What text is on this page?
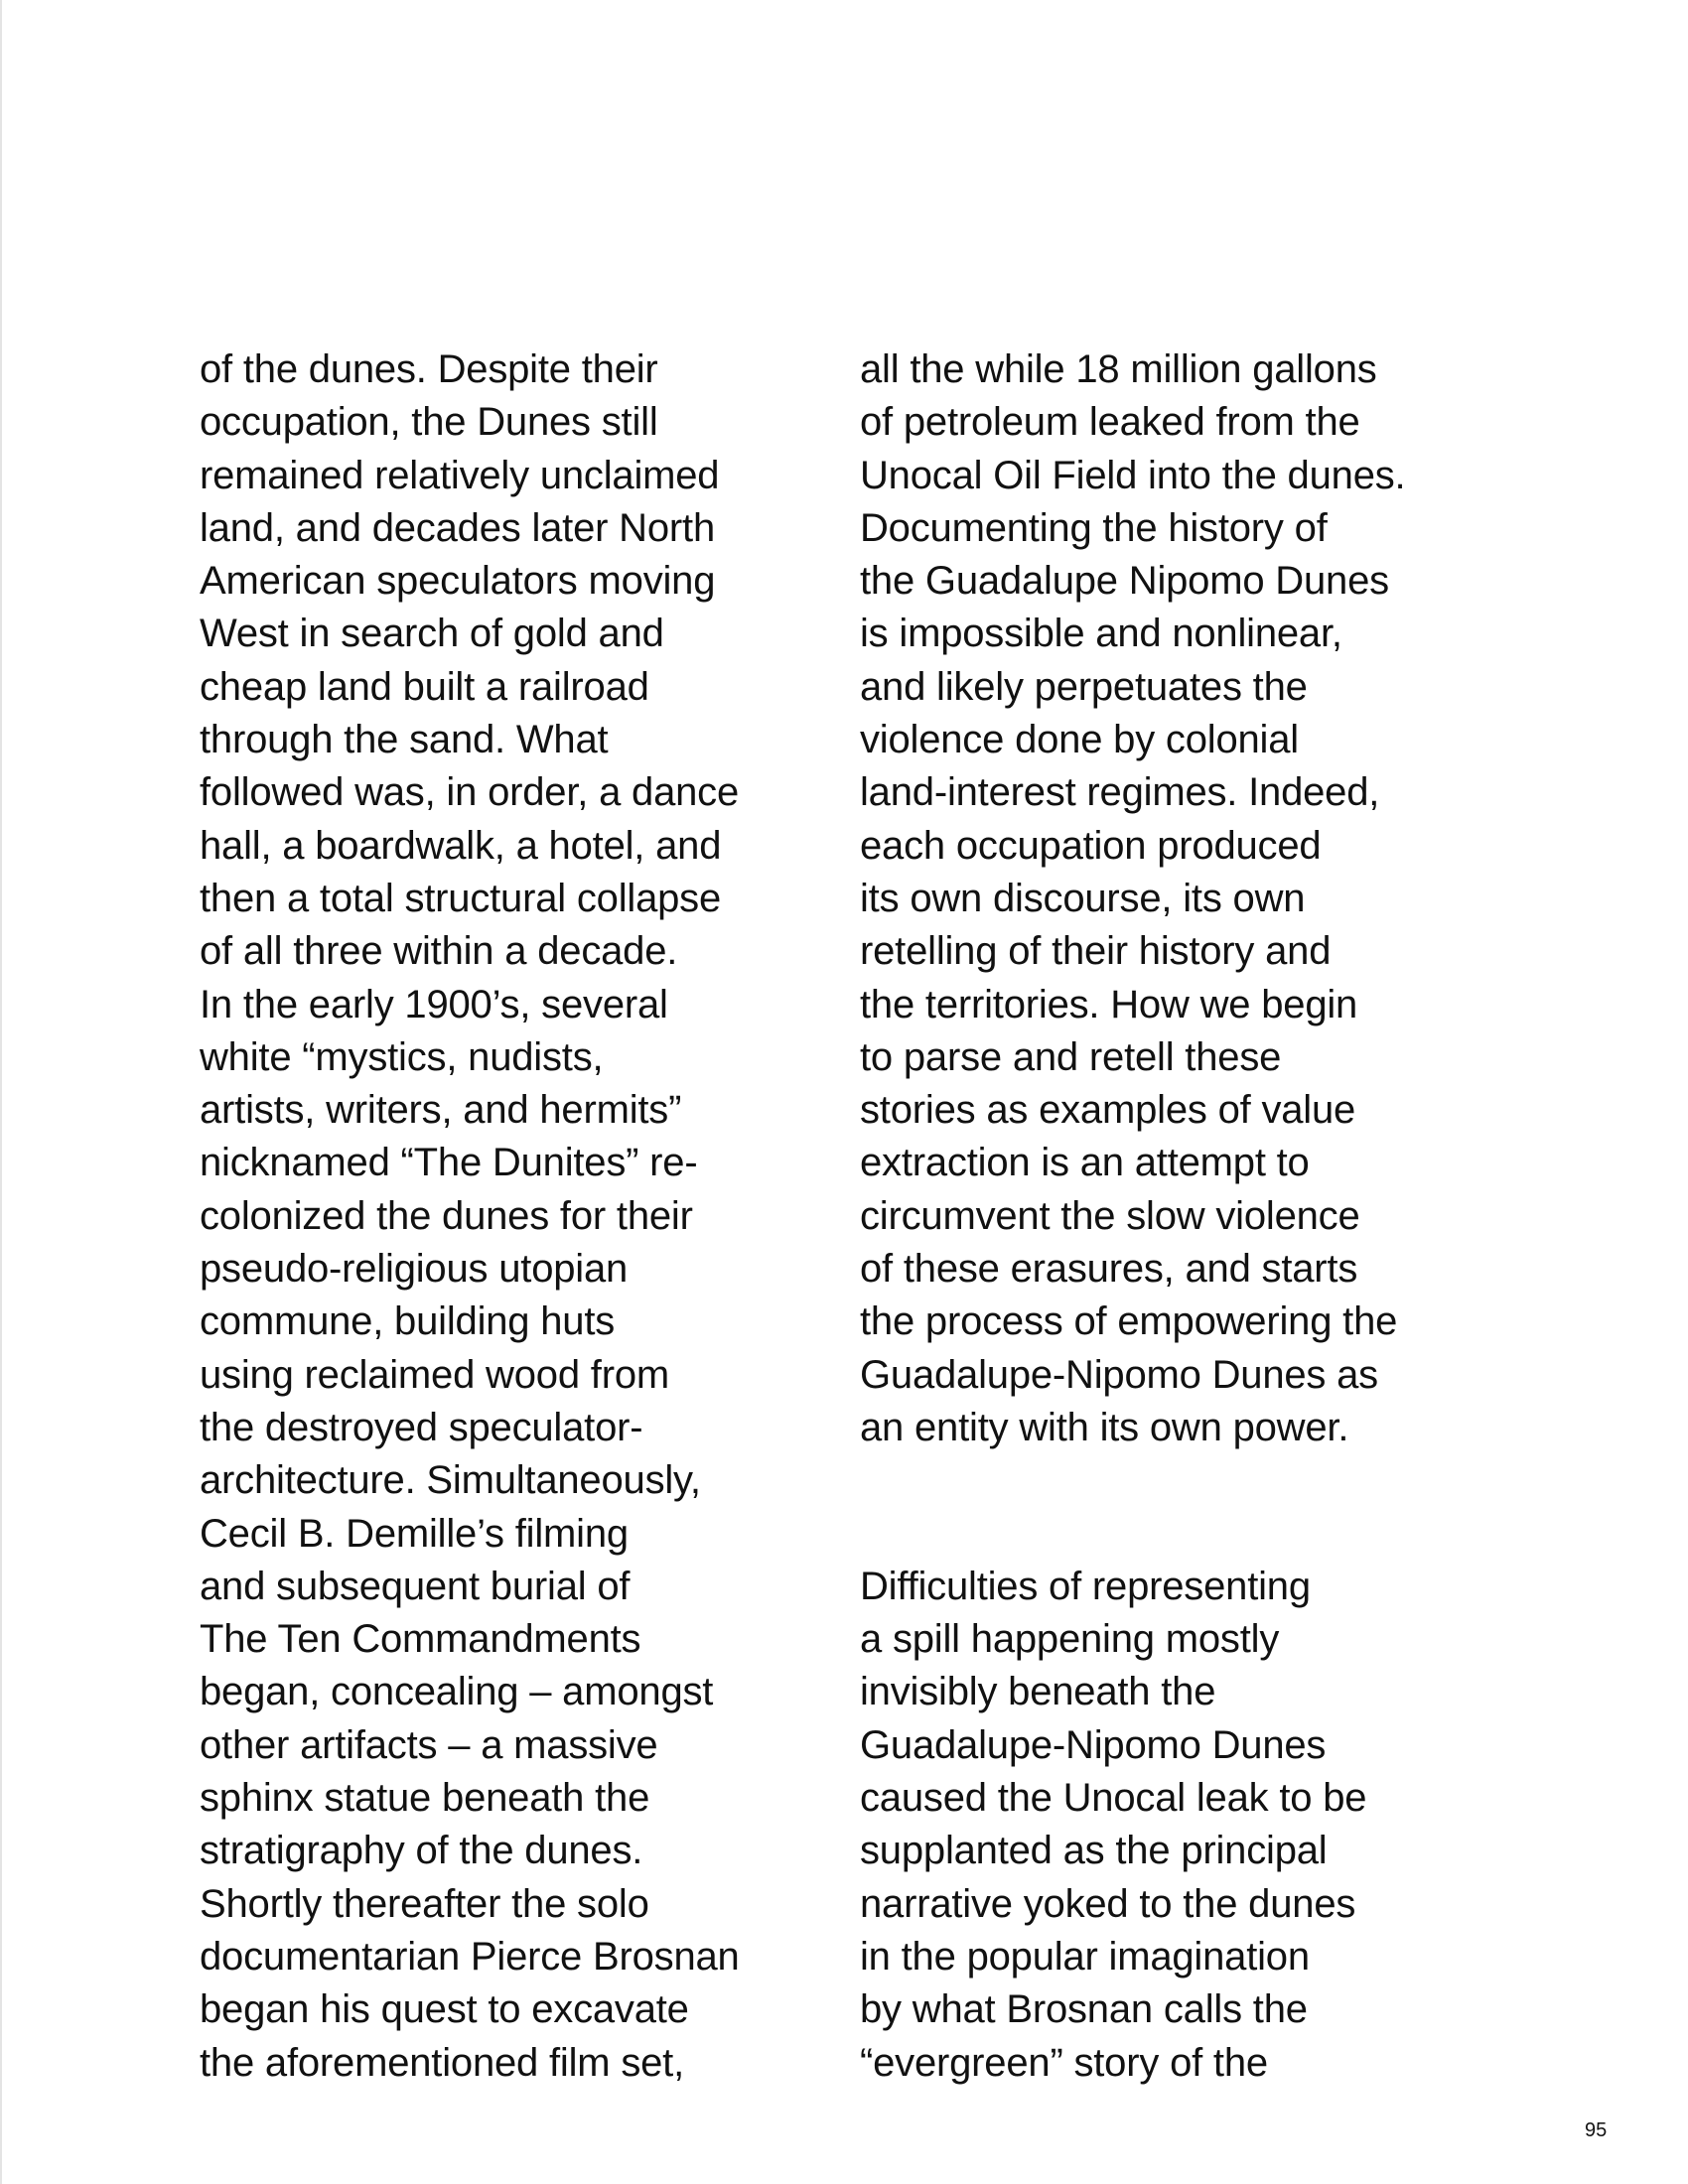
of the dunes. Despite their
occupation, the Dunes still
remained relatively unclaimed
land, and decades later North
American speculators moving
West in search of gold and
cheap land built a railroad
through the sand. What
followed was, in order, a dance
hall, a boardwalk, a hotel, and
then a total structural collapse
of all three within a decade.
In the early 1900’s, several
white “mystics, nudists,
artists, writers, and hermits”
nicknamed “The Dunites” re-
colonized the dunes for their
pseudo-religious utopian
commune, building huts
using reclaimed wood from
the destroyed speculator-
architecture. Simultaneously,
Cecil B. Demille’s filming
and subsequent burial of
The Ten Commandments
began, concealing – amongst
other artifacts – a massive
sphinx statue beneath the
stratigraphy of the dunes.
Shortly thereafter the solo
documentarian Pierce Brosnan
began his quest to excavate
the aforementioned film set,
all the while 18 million gallons
of petroleum leaked from the
Unocal Oil Field into the dunes.
Documenting the history of
the Guadalupe Nipomo Dunes
is impossible and nonlinear,
and likely perpetuates the
violence done by colonial
land-interest regimes. Indeed,
each occupation produced
its own discourse, its own
retelling of their history and
the territories. How we begin
to parse and retell these
stories as examples of value
extraction is an attempt to
circumvent the slow violence
of these erasures, and starts
the process of empowering the
Guadalupe-Nipomo Dunes as
an entity with its own power.
Difficulties of representing
a spill happening mostly
invisibly beneath the
Guadalupe-Nipomo Dunes
caused the Unocal leak to be
supplanted as the principal
narrative yoked to the dunes
in the popular imagination
by what Brosnan calls the
“evergreen” story of the
95
